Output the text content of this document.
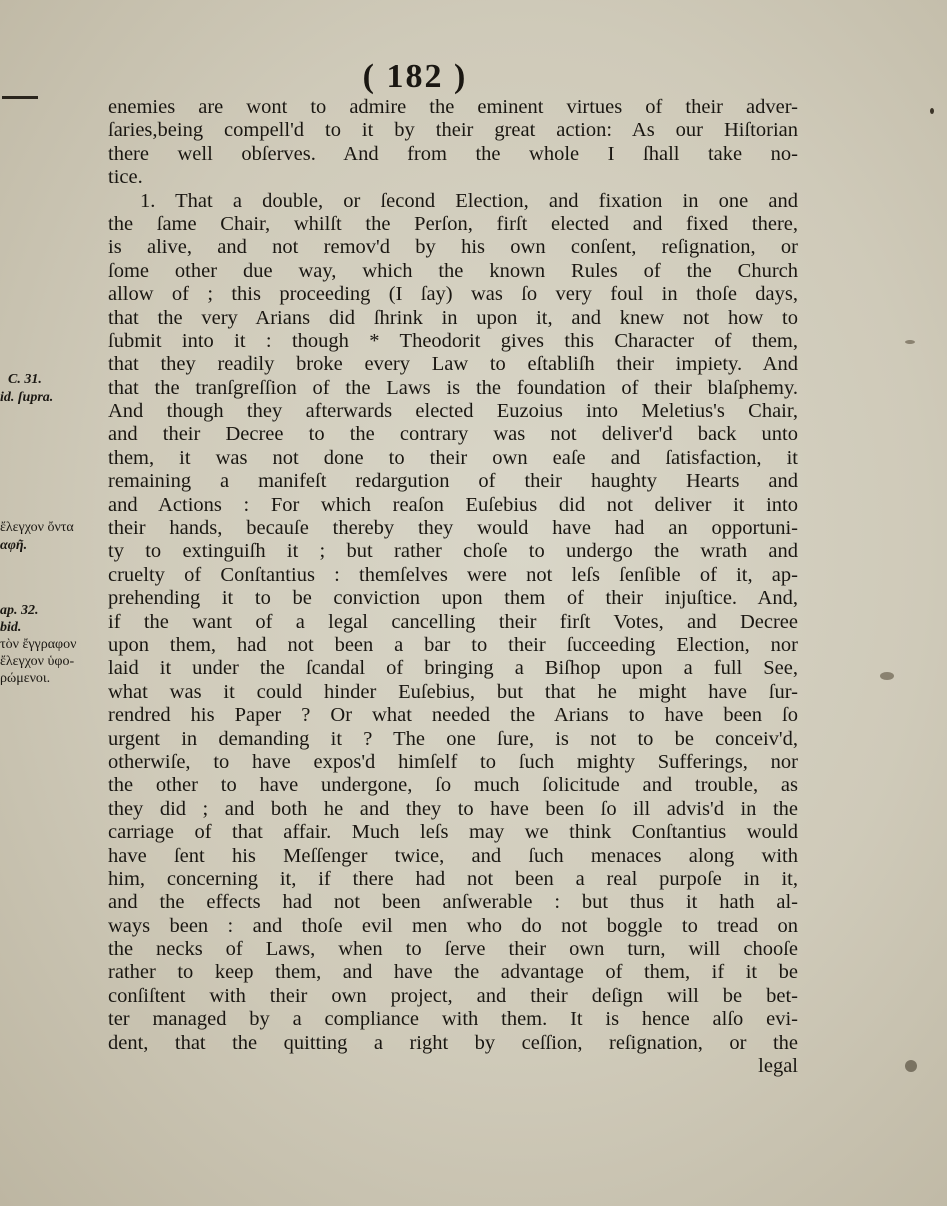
( 182 )
enemies are wont to admire the eminent virtues of their adver-
ſaries,being compell'd to it by their great action: As our Hiſtorian
there well obſerves. And from the whole I ſhall take no-
tice.
1. That a double, or ſecond Election, and fixation in one and
the ſame Chair, whilſt the Perſon, firſt elected and fixed there,
is alive, and not remov'd by his own conſent, reſignation, or
ſome other due way, which the known Rules of the Church
allow of ; this proceeding (I ſay) was ſo very foul in thoſe days,
that the very Arians did ſhrink in upon it, and knew not how to
ſubmit into it : though * Theodorit gives this Character of them,
that they readily broke every Law to eſtabliſh their impiety. And
that the tranſgreſſion of the Laws is the foundation of their blaſphemy.
And though they afterwards elected Euzoius into Meletius's Chair,
and their Decree to the contrary was not deliver'd back unto
them, it was not done to their own eaſe and ſatisfaction, it
remaining a manifeſt redargution of their haughty Hearts and
and Actions : For which reaſon Euſebius did not deliver it into
their hands, becauſe thereby they would have had an opportuni-
ty to extinguiſh it ; but rather choſe to undergo the wrath and
cruelty of Conſtantius : themſelves were not leſs ſenſible of it, ap-
prehending it to be conviction upon them of their injuſtice. And,
if the want of a legal cancelling their firſt Votes, and Decree
upon them, had not been a bar to their ſucceeding Election, nor
laid it under the ſcandal of bringing a Biſhop upon a full See,
what was it could hinder Euſebius, but that he might have ſur-
rendred his Paper ? Or what needed the Arians to have been ſo
urgent in demanding it ? The one ſure, is not to be conceiv'd,
otherwiſe, to have expos'd himſelf to ſuch mighty Sufferings, nor
the other to have undergone, ſo much ſolicitude and trouble, as
they did ; and both he and they to have been ſo ill advis'd in the
carriage of that affair. Much leſs may we think Conſtantius would
have ſent his Meſſenger twice, and ſuch menaces along with
him, concerning it, if there had not been a real purpoſe in it,
and the effects had not been anſwerable : but thus it hath al-
ways been : and thoſe evil men who do not boggle to tread on
the necks of Laws, when to ſerve their own turn, will chooſe
rather to keep them, and have the advantage of them, if it be
conſiſtent with their own project, and their deſign will be bet-
ter managed by a compliance with them. It is hence alſo evi-
dent, that the quitting a right by ceſſion, reſignation, or the
legal
C. 31.
id. ſupra.
ἔλεγχον ὄντα
αφῆ.
ap. 32.
bid.
τὸν ἔγγραφον
ἔλεγχον ὑφο-
ρώμενοι.
